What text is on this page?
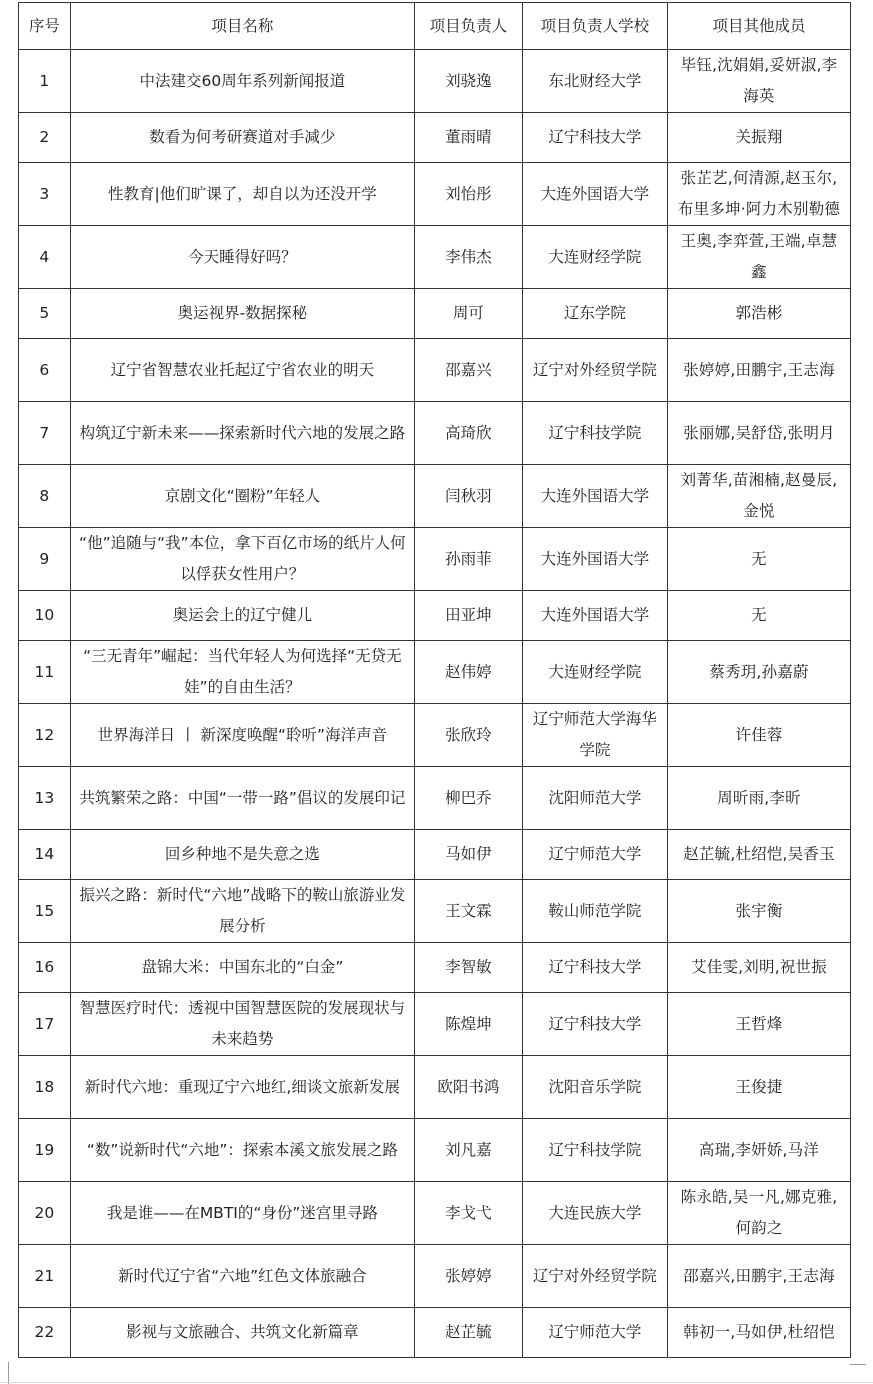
序号	项目名称	项目负责人	项目负责人学校	项目其他成员
1	中法建交60周年系列新闻报道	刘骁逸	东北财经大学	毕钰,沈娟娟,妥妍淑,李海英
2	数看为何考研赛道对手减少	董雨晴	辽宁科技大学	关振翔
3	性教育|他们旷课了，却自以为还没开学	刘怡彤	大连外国语大学	张芷艺,何清源,赵玉尔,布里多坤·阿力木别勒德
4	今天睡得好吗？	李伟杰	大连财经学院	王奥,李弈萱,王端,卓慧鑫
5	奥运视界-数据探秘	周可	辽东学院	郭浩彬
6	辽宁省智慧农业托起辽宁省农业的明天	邵嘉兴	辽宁对外经贸学院	张婷婷,田鹏宇,王志海
7	构筑辽宁新未来——探索新时代六地的发展之路	高琦欣	辽宁科技学院	张丽娜,吴舒岱,张明月
8	京剧文化“圈粉”年轻人	闫秋羽	大连外国语大学	刘菁华,苗湘楠,赵曼辰,金悦
9	“他”追随与“我”本位，拿下百亿市场的纸片人何以俘获女性用户？	孙雨菲	大连外国语大学	无
10	奥运会上的辽宁健儿	田亚坤	大连外国语大学	无
11	“三无青年”崛起：当代年轻人为何选择“无贷无娃”的自由生活？	赵伟婷	大连财经学院	蔡秀玥,孙嘉蔚
12	世界海洋日 丨 新深度唤醒“聆听”海洋声音	张欣玲	辽宁师范大学海华学院	许佳蓉
13	共筑繁荣之路：中国“一带一路”倡议的发展印记	柳巴乔	沈阳师范大学	周昕雨,李昕
14	回乡种地不是失意之选	马如伊	辽宁师范大学	赵芷毓,杜绍恺,吴香玉
15	振兴之路：新时代“六地”战略下的鞍山旅游业发展分析	王文霖	鞍山师范学院	张宇衡
16	盘锦大米：中国东北的“白金”	李智敏	辽宁科技大学	艾佳雯,刘明,祝世振
17	智慧医疗时代：透视中国智慧医院的发展现状与未来趋势	陈煌坤	辽宁科技大学	王哲烽
18	新时代六地：重现辽宁六地红,细谈文旅新发展	欧阳书鸿	沈阳音乐学院	王俊捷
19	“数”说新时代“六地”：探索本溪文旅发展之路	刘凡嘉	辽宁科技学院	高瑞,李妍娇,马洋
20	我是谁——在MBTI的“身份”迷宫里寻路	李戈弋	大连民族大学	陈永皓,吴一凡,娜克雅,何韵之
21	新时代辽宁省“六地”红色文体旅融合	张婷婷	辽宁对外经贸学院	邵嘉兴,田鹏宇,王志海
22	影视与文旅融合、共筑文化新篇章	赵芷毓	辽宁师范大学	韩初一,马如伊,杜绍恺
